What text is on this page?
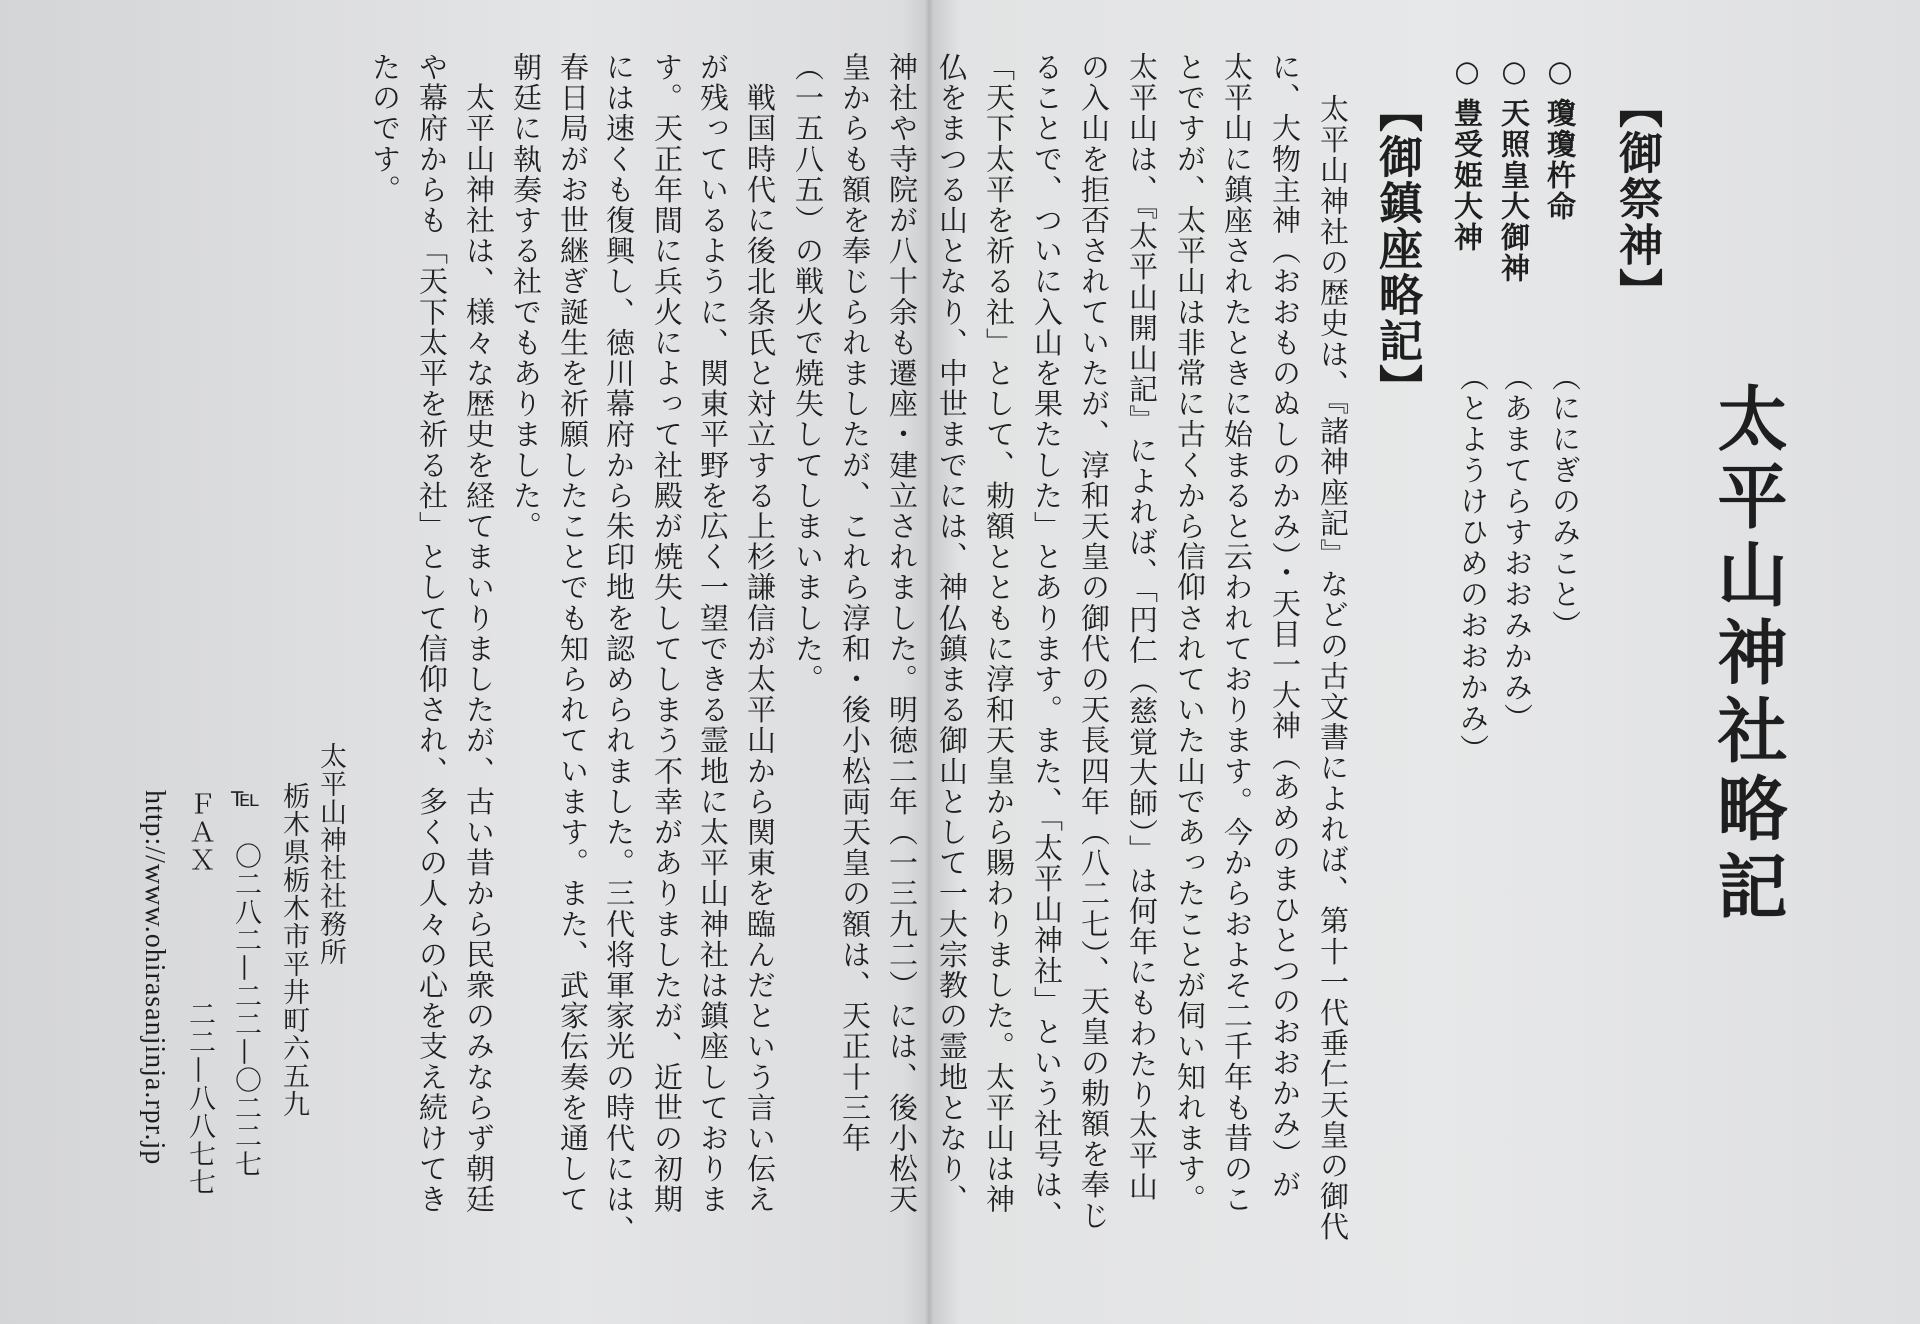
太平山神社略記

【御祭神】

○

瓊瓊杵命

（ににぎのみこと）

○

天照皇大御神

（あまてらすおおみかみ）

○

豊受姫大神

（とようけひめのおおかみ）

【御鎮座略記】

太平山神社の歴史は、『諸神座記』などの古文書によれば、第十一代垂仁天皇の御代

に、大物主神（おおものぬしのかみ）・天目一大神（あめのまひとつのおおかみ）が

太平山に鎮座されたときに始まると云われております。今からおよそ二千年も昔のこ

とですが、太平山は非常に古くから信仰されていた山であったことが伺い知れます。

太平山は、『太平山開山記』によれば、「円仁（慈覚大師）」は何年にもわたり太平山

の入山を拒否されていたが、淳和天皇の御代の天長四年（八二七）、天皇の勅額を奉じ

ることで、ついに入山を果たした」とあります。また、「太平山神社」という社号は、

「天下太平を祈る社」として、勅額とともに淳和天皇から賜わりました。太平山は神

仏をまつる山となり、中世までには、神仏鎮まる御山として一大宗教の霊地となり、

神社や寺院が八十余も遷座・建立されました。明徳二年（一三九二）には、後小松天

皇からも額を奉じられましたが、これら淳和・後小松両天皇の額は、天正十三年

（一五八五）の戦火で焼失してしまいました。

　戦国時代に後北条氏と対立する上杉謙信が太平山から関東を臨んだという言い伝え

が残っているように、関東平野を広く一望できる霊地に太平山神社は鎮座しておりま

す。天正年間に兵火によって社殿が焼失してしまう不幸がありましたが、近世の初期

には速くも復興し、徳川幕府から朱印地を認められました。三代将軍家光の時代には、

春日局がお世継ぎ誕生を祈願したことでも知られています。また、武家伝奏を通して

朝廷に執奏する社でもありました。

　太平山神社は、様々な歴史を経てまいりましたが、古い昔から民衆のみならず朝廷

や幕府からも「天下太平を祈る社」として信仰され、多くの人々の心を支え続けてき

たのです。

太平山神社社務所

栃木県栃木市平井町六五九

℡

〇二八二—二二—〇二二七

ＦＡＸ

二二—八八七七

http://www.ohirasanjinja.rpr.jp
